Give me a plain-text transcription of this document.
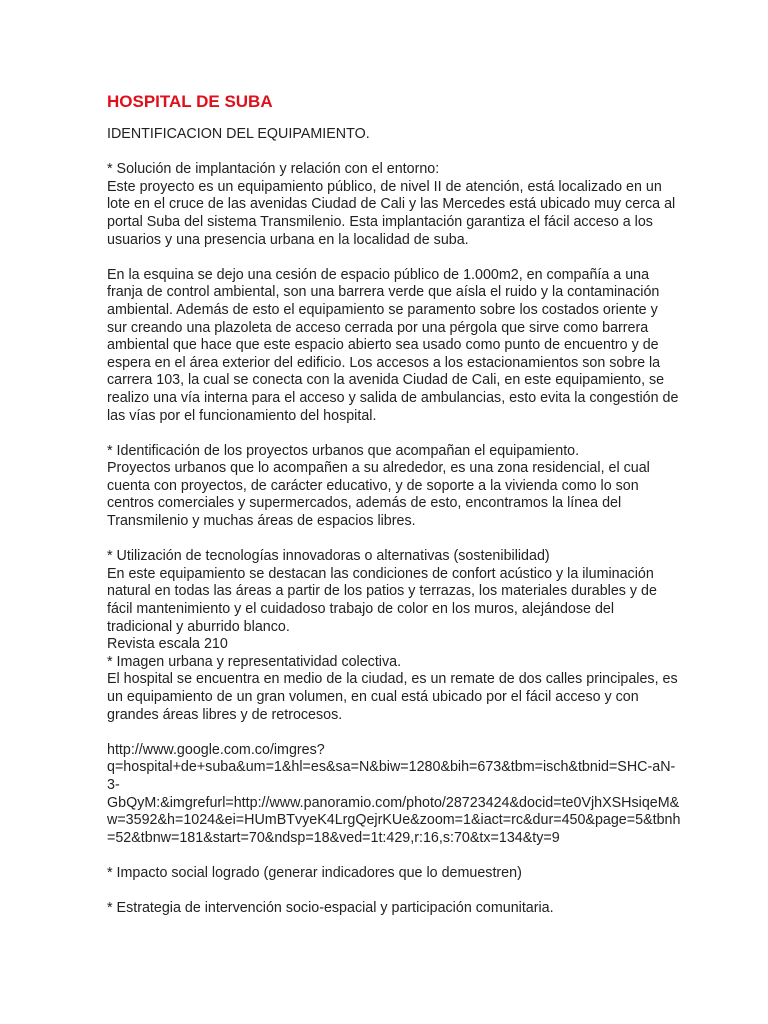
HOSPITAL DE SUBA
IDENTIFICACION DEL EQUIPAMIENTO.
* Solución de implantación y relación con el entorno:
Este proyecto es un equipamiento público, de nivel II de atención, está localizado en un
lote en el cruce de las avenidas Ciudad de Cali y las Mercedes está ubicado muy cerca al
portal Suba del sistema Transmilenio. Esta implantación garantiza el fácil acceso a los
usuarios y una presencia urbana en la localidad de suba.
En la esquina se dejo una cesión de espacio público de 1.000m2, en compañía a una
franja de control ambiental, son una barrera verde que aísla el ruido y la contaminación
ambiental. Además de esto el equipamiento se paramento sobre los costados oriente y
sur creando una plazoleta de acceso cerrada por una pérgola que sirve como barrera
ambiental que hace que este espacio abierto sea usado como punto de encuentro y de
espera en el área exterior del edificio. Los accesos a los estacionamientos son sobre la
carrera 103, la cual se conecta con la avenida Ciudad de Cali, en este equipamiento, se
realizo una vía interna para el acceso y salida de ambulancias, esto evita la congestión de
las vías por el funcionamiento del hospital.
* Identificación de los proyectos urbanos que acompañan el equipamiento.
Proyectos urbanos que lo acompañen a su alrededor, es una zona residencial, el cual
cuenta con proyectos, de carácter educativo, y de soporte a la vivienda como lo son
centros comerciales y supermercados, además de esto, encontramos la línea del
Transmilenio y muchas áreas de espacios libres.
* Utilización de tecnologías innovadoras o alternativas (sostenibilidad)
En este equipamiento se destacan las condiciones de confort acústico y la iluminación
natural en todas las áreas a partir de los patios y terrazas, los materiales durables y de
fácil mantenimiento y el cuidadoso trabajo de color en los muros, alejándose del
tradicional y aburrido blanco.
Revista escala 210
* Imagen urbana y representatividad colectiva.
El hospital se encuentra en medio de la ciudad, es un remate de dos calles principales, es
un equipamiento de un gran volumen, en cual está ubicado por el fácil acceso y con
grandes áreas libres y de retrocesos.
http://www.google.com.co/imgres?
q=hospital+de+suba&um=1&hl=es&sa=N&biw=1280&bih=673&tbm=isch&tbnid=SHC-aN-
3-
GbQyM:&imgrefurl=http://www.panoramio.com/photo/28723424&docid=te0VjhXSHsiqeM&
w=3592&h=1024&ei=HUmBTvyeK4LrgQejrKUe&zoom=1&iact=rc&dur=450&page=5&tbnh
=52&tbnw=181&start=70&ndsp=18&ved=1t:429,r:16,s:70&tx=134&ty=9
* Impacto social logrado (generar indicadores que lo demuestren)
* Estrategia de intervención socio-espacial y participación comunitaria.
